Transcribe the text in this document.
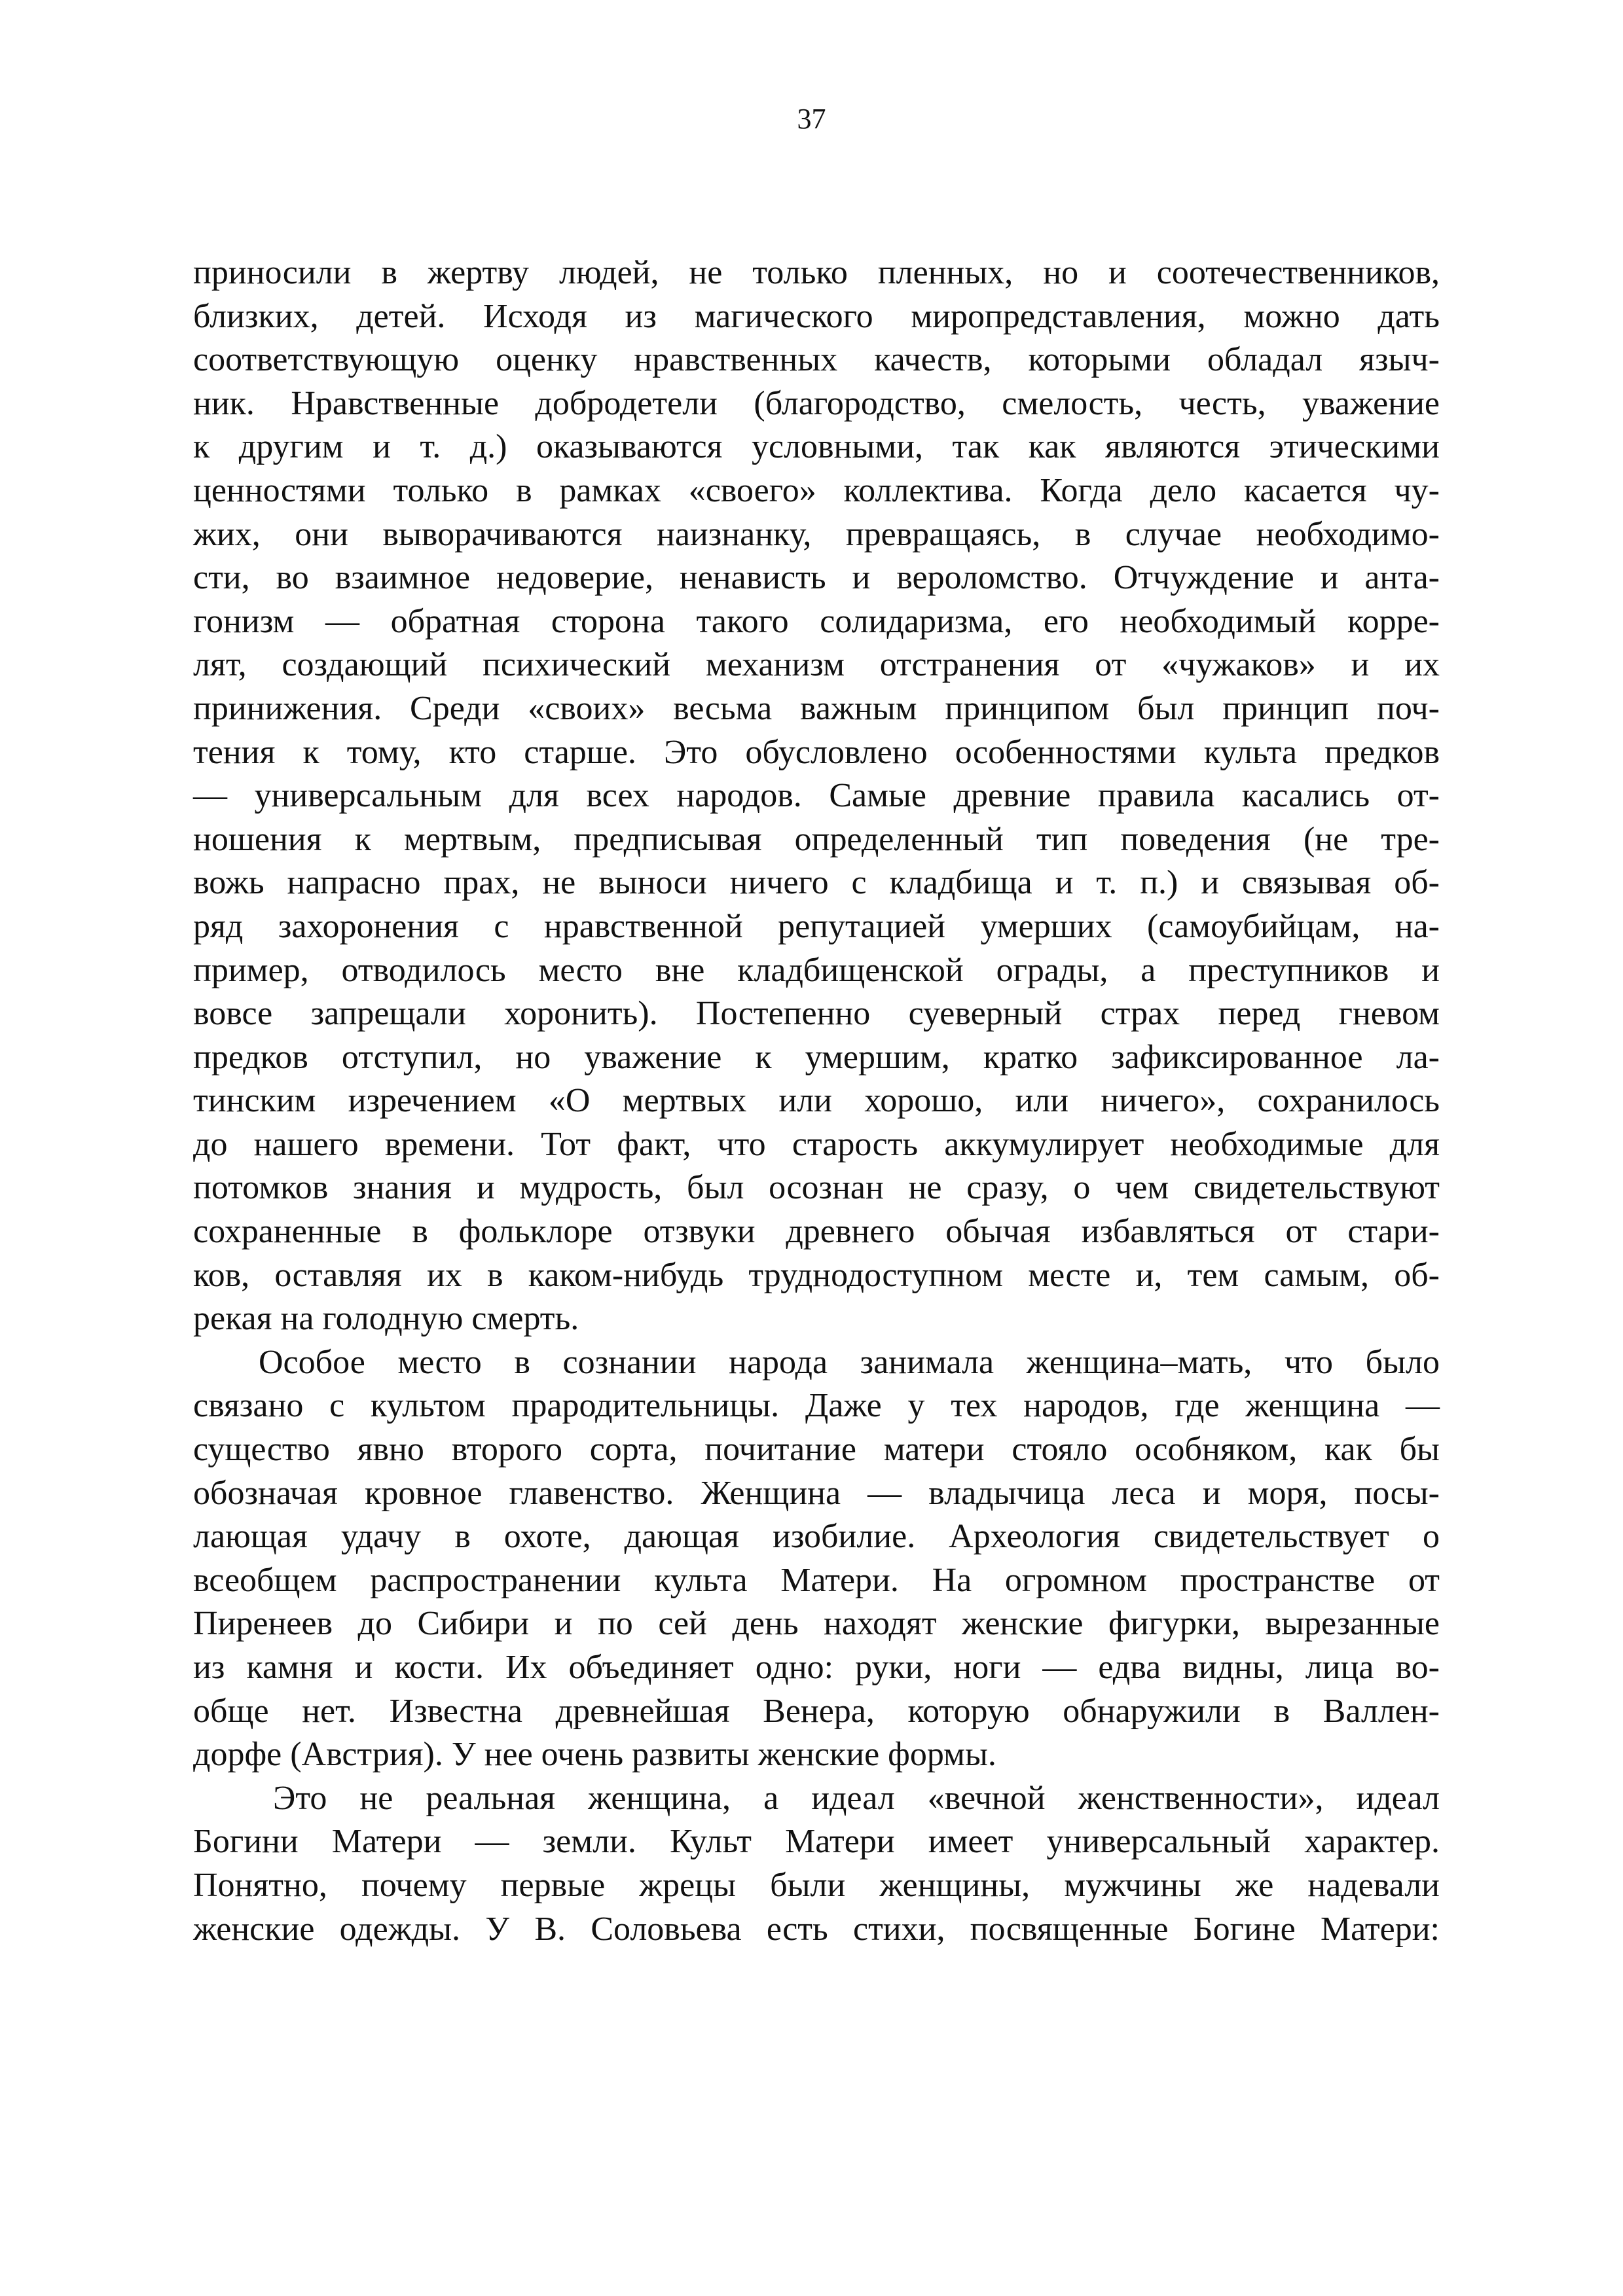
37
приносили в жертву людей, не только пленных, но и соотечественников,
близких, детей. Исходя из магического миропредставления, можно дать
соответствующую оценку нравственных качеств, которыми обладал языч-
ник. Нравственные добродетели (благородство, смелость, честь, уважение
к другим и т. д.) оказываются условными, так как являются этическими
ценностями только в рамках «своего» коллектива. Когда дело касается чу-
жих, они выворачиваются наизнанку, превращаясь, в случае необходимо-
сти, во взаимное недоверие, ненависть и вероломство. Отчуждение и анта-
гонизм — обратная сторона такого солидаризма, его необходимый корре-
лят, создающий психический механизм отстранения от «чужаков» и их
принижения. Среди «своих» весьма важным принципом был принцип поч-
тения к тому, кто старше. Это обусловлено особенностями культа предков
— универсальным для всех народов. Самые древние правила касались от-
ношения к мертвым, предписывая определенный тип поведения (не тре-
вожь напрасно прах, не выноси ничего с кладбища и т. п.) и связывая об-
ряд захоронения с нравственной репутацией умерших (самоубийцам, на-
пример, отводилось место вне кладбищенской ограды, а преступников и
вовсе запрещали хоронить). Постепенно суеверный страх перед гневом
предков отступил, но уважение к умершим, кратко зафиксированное ла-
тинским изречением «О мертвых или хорошо, или ничего», сохранилось
до нашего времени. Тот факт, что старость аккумулирует необходимые для
потомков знания и мудрость, был осознан не сразу, о чем свидетельствуют
сохраненные в фольклоре отзвуки древнего обычая избавляться от стари-
ков, оставляя их в каком-нибудь труднодоступном месте и, тем самым, об-
рекая на голодную смерть.
Особое место в сознании народа занимала женщина–мать, что было
связано с культом прародительницы. Даже у тех народов, где женщина —
существо явно второго сорта, почитание матери стояло особняком, как бы
обозначая кровное главенство. Женщина — владычица леса и моря, посы-
лающая удачу в охоте, дающая изобилие. Археология свидетельствует о
всеобщем распространении культа Матери. На огромном пространстве от
Пиренеев до Сибири и по сей день находят женские фигурки, вырезанные
из камня и кости. Их объединяет одно: руки, ноги — едва видны, лица во-
обще нет. Известна древнейшая Венера, которую обнаружили в Валлен-
дорфе (Австрия). У нее очень развиты женские формы.
Это не реальная женщина, а идеал «вечной женственности», идеал
Богини Матери — земли. Культ Матери имеет универсальный характер.
Понятно, почему первые жрецы были женщины, мужчины же надевали
женские одежды. У В. Соловьева есть стихи, посвященные Богине Матери:
